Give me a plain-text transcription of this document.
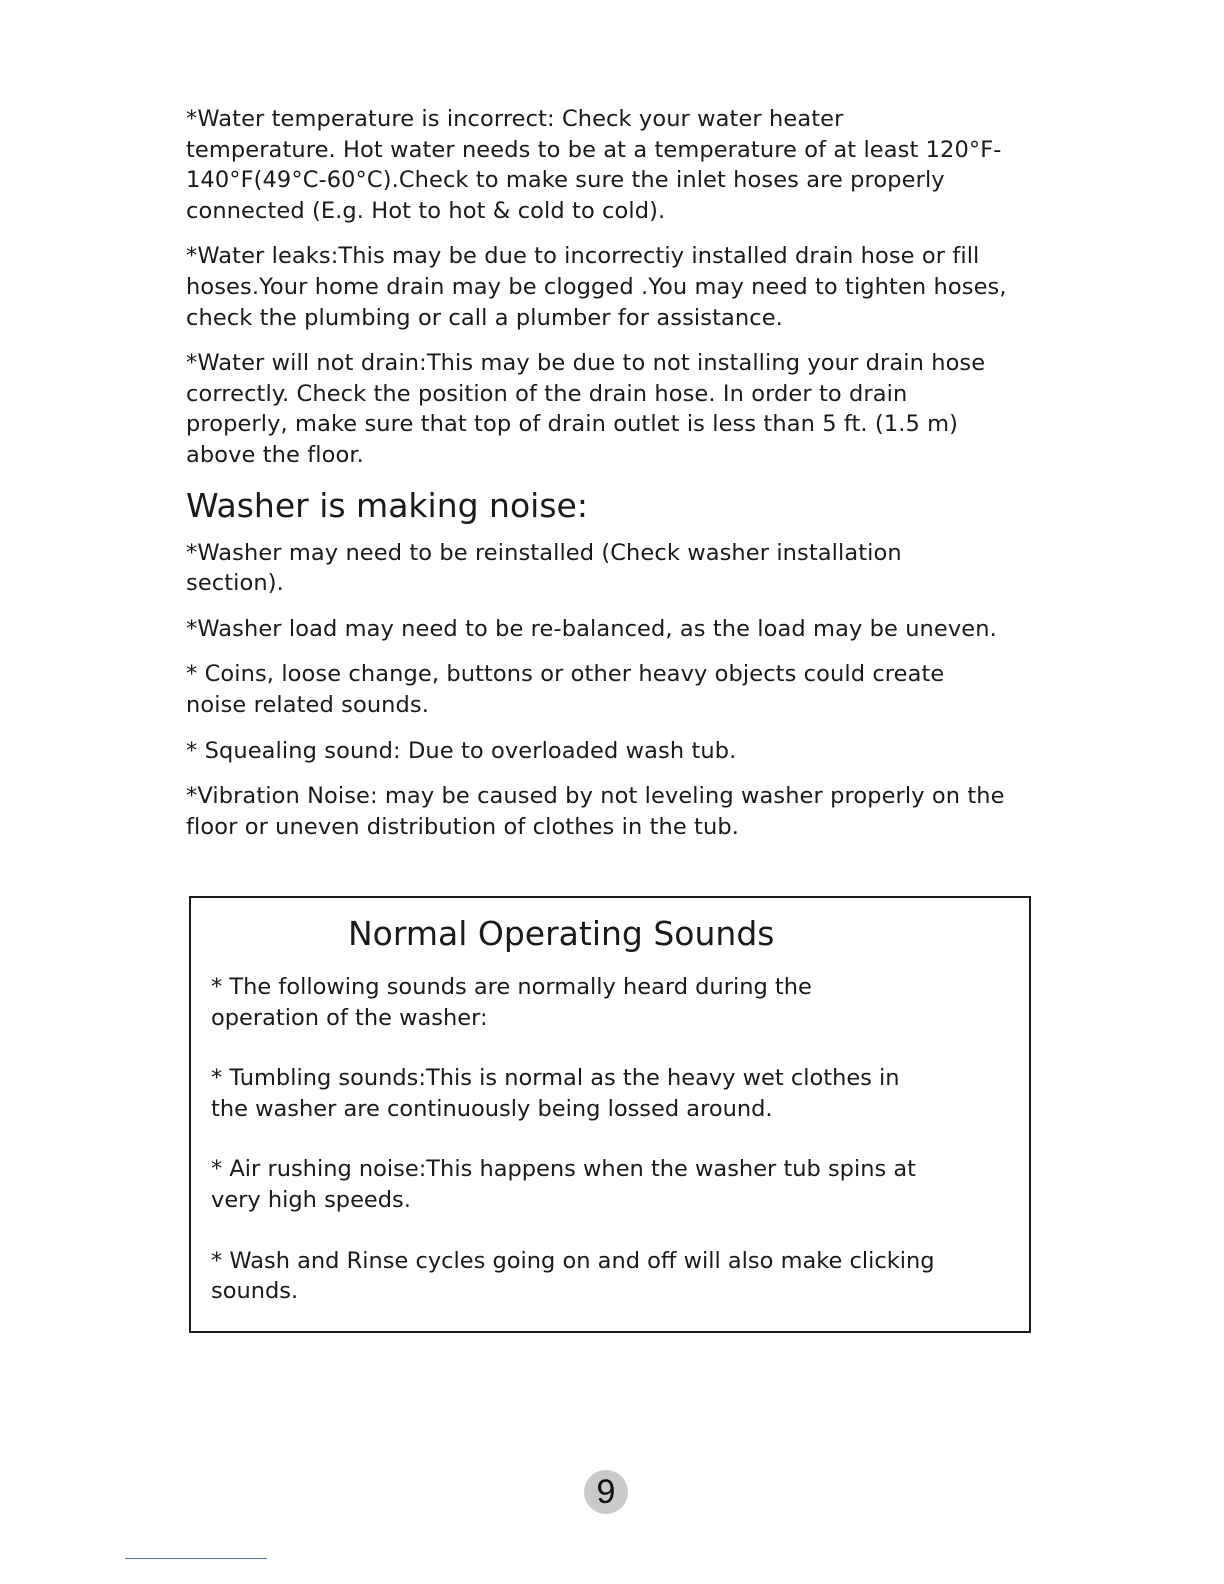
*Water temperature is incorrect: Check your water heater
temperature. Hot water needs to be at a temperature of at least 120°F-
140°F(49°C-60°C).Check to make sure the inlet hoses are properly
connected (E.g. Hot to hot & cold to cold).

*Water leaks:This may be due to incorrectiy installed drain hose or fill
hoses.Your home drain may be clogged .You may need to tighten hoses,
check the plumbing or call a plumber for assistance.

*Water will not drain:This may be due to not installing your drain hose
correctly. Check the position of the drain hose. In order to drain
properly, make sure that top of drain outlet is less than 5 ft. (1.5 m)
above the floor.

Washer is making noise:

*Washer may need to be reinstalled (Check washer installation
section).

*Washer load may need to be re-balanced, as the load may be uneven.

* Coins, loose change, buttons or other heavy objects could create
noise related sounds.

* Squealing sound: Due to overloaded wash tub.

*Vibration Noise: may be caused by not leveling washer properly on the
floor or uneven distribution of clothes in the tub.

Normal Operating Sounds

* The following sounds are normally heard during the
operation of the washer:

* Tumbling sounds:This is normal as the heavy wet clothes in
the washer are continuously being lossed around.

* Air rushing noise:This happens when the washer tub spins at
very high speeds.

* Wash and Rinse cycles going on and off will also make clicking
sounds.

9
